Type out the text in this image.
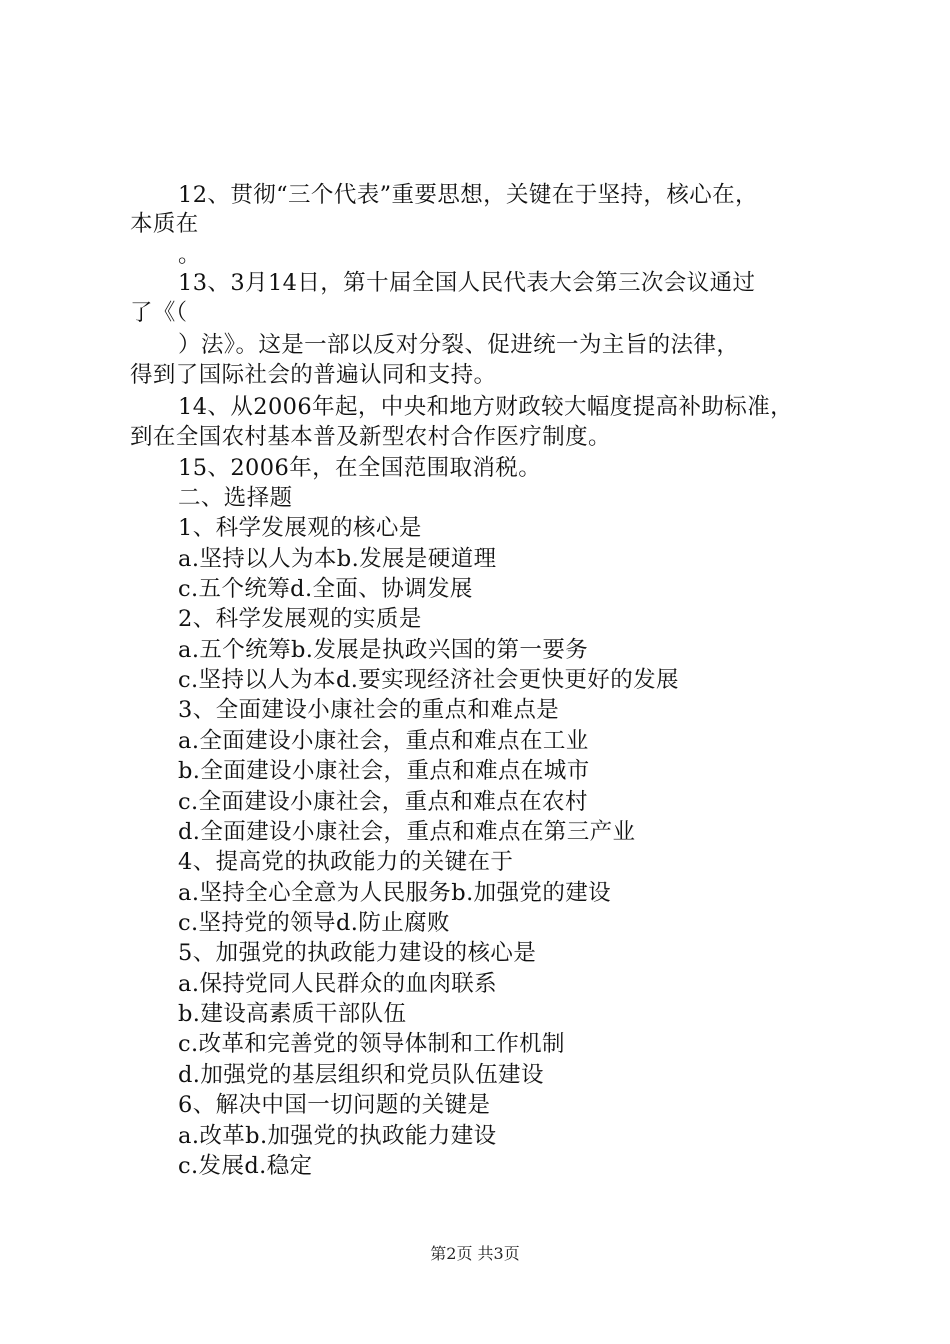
12、贯彻“三个代表”重要思想，关键在于坚持，核心在，
本质在
。
13、3月14日，第十届全国人民代表大会第三次会议通过
了《（
）法》。这是一部以反对分裂、促进统一为主旨的法律，
得到了国际社会的普遍认同和支持。
14、从2006年起，中央和地方财政较大幅度提高补助标准，
到在全国农村基本普及新型农村合作医疗制度。
15、2006年，在全国范围取消税。
二、选择题
1、科学发展观的核心是
a.坚持以人为本b.发展是硬道理
c.五个统筹d.全面、协调发展
2、科学发展观的实质是
a.五个统筹b.发展是执政兴国的第一要务
c.坚持以人为本d.要实现经济社会更快更好的发展
3、全面建设小康社会的重点和难点是
a.全面建设小康社会，重点和难点在工业
b.全面建设小康社会，重点和难点在城市
c.全面建设小康社会，重点和难点在农村
d.全面建设小康社会，重点和难点在第三产业
4、提高党的执政能力的关键在于
a.坚持全心全意为人民服务b.加强党的建设
c.坚持党的领导d.防止腐败
5、加强党的执政能力建设的核心是
a.保持党同人民群众的血肉联系
b.建设高素质干部队伍
c.改革和完善党的领导体制和工作机制
d.加强党的基层组织和党员队伍建设
6、解决中国一切问题的关键是
a.改革b.加强党的执政能力建设
c.发展d.稳定
第2页 共3页
